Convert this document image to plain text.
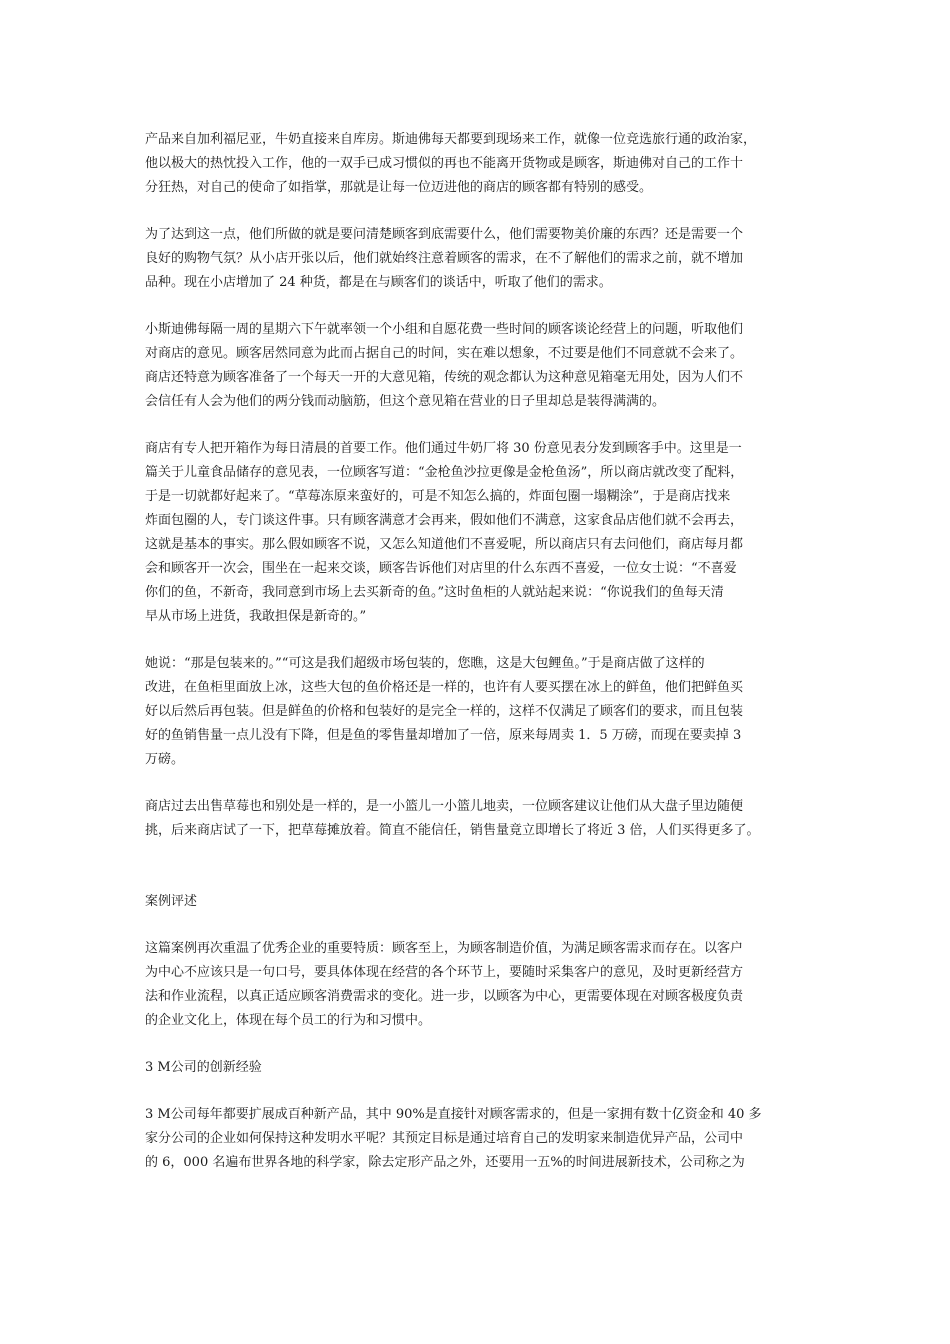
产品来自加利福尼亚，牛奶直接来自库房。斯迪佛每天都要到现场来工作，就像一位竞选旅行通的政治家，
他以极大的热忱投入工作，他的一双手已成习惯似的再也不能离开货物或是顾客，斯迪佛对自己的工作十
分狂热，对自己的使命了如指掌，那就是让每一位迈进他的商店的顾客都有特别的感受。

为了达到这一点，他们所做的就是要问清楚顾客到底需要什么，他们需要物美价廉的东西？还是需要一个
良好的购物气氛？从小店开张以后，他们就始终注意着顾客的需求，在不了解他们的需求之前，就不增加
品种。现在小店增加了 24 种货，都是在与顾客们的谈话中，听取了他们的需求。

小斯迪佛每隔一周的星期六下午就率领一个小组和自愿花费一些时间的顾客谈论经营上的问题，听取他们
对商店的意见。顾客居然同意为此而占据自己的时间，实在难以想象，不过要是他们不同意就不会来了。
商店还特意为顾客准备了一个每天一开的大意见箱，传统的观念都认为这种意见箱毫无用处，因为人们不
会信任有人会为他们的两分钱而动脑筋，但这个意见箱在营业的日子里却总是装得满满的。

商店有专人把开箱作为每日清晨的首要工作。他们通过牛奶厂将 30 份意见表分发到顾客手中。这里是一
篇关于儿童食品储存的意见表，一位顾客写道：“金枪鱼沙拉更像是金枪鱼汤”，所以商店就改变了配料，
于是一切就都好起来了。“草莓冻原来蛮好的，可是不知怎么搞的，炸面包圈一塌糊涂”，于是商店找来
炸面包圈的人，专门谈这件事。只有顾客满意才会再来，假如他们不满意，这家食品店他们就不会再去，
这就是基本的事实。那么假如顾客不说，又怎么知道他们不喜爱呢，所以商店只有去问他们，商店每月都
会和顾客开一次会，围坐在一起来交谈，顾客告诉他们对店里的什么东西不喜爱，一位女士说：“不喜爱
你们的鱼，不新奇，我同意到市场上去买新奇的鱼。”这时鱼柜的人就站起来说：“你说我们的鱼每天清
早从市场上进货，我敢担保是新奇的。”

她说：“那是包装来的。”“可这是我们超级市场包装的，您瞧，这是大包鲤鱼。”于是商店做了这样的
改进，在鱼柜里面放上冰，这些大包的鱼价格还是一样的，也许有人要买摆在冰上的鲜鱼，他们把鲜鱼买
好以后然后再包装。但是鲜鱼的价格和包装好的是完全一样的，这样不仅满足了顾客们的要求，而且包装
好的鱼销售量一点儿没有下降，但是鱼的零售量却增加了一倍，原来每周卖 1．5 万磅，而现在要卖掉 3
万磅。

商店过去出售草莓也和别处是一样的，是一小篮儿一小篮儿地卖，一位顾客建议让他们从大盘子里边随便
挑，后来商店试了一下，把草莓摊放着。简直不能信任，销售量竟立即增长了将近 3 倍，人们买得更多了。

案例评述

这篇案例再次重温了优秀企业的重要特质：顾客至上，为顾客制造价值，为满足顾客需求而存在。以客户
为中心不应该只是一句口号，要具体体现在经营的各个环节上，要随时采集客户的意见，及时更新经营方
法和作业流程，以真正适应顾客消费需求的变化。进一步，以顾客为中心，更需要体现在对顾客极度负责
的企业文化上，体现在每个员工的行为和习惯中。

3 M公司的创新经验

3 M公司每年都要扩展成百种新产品，其中 90%是直接针对顾客需求的，但是一家拥有数十亿资金和 40 多
家分公司的企业如何保持这种发明水平呢？其预定目标是通过培育自己的发明家来制造优异产品，公司中
的 6，000 名遍布世界各地的科学家，除去定形产品之外，还要用一五%的时间进展新技术，公司称之为
